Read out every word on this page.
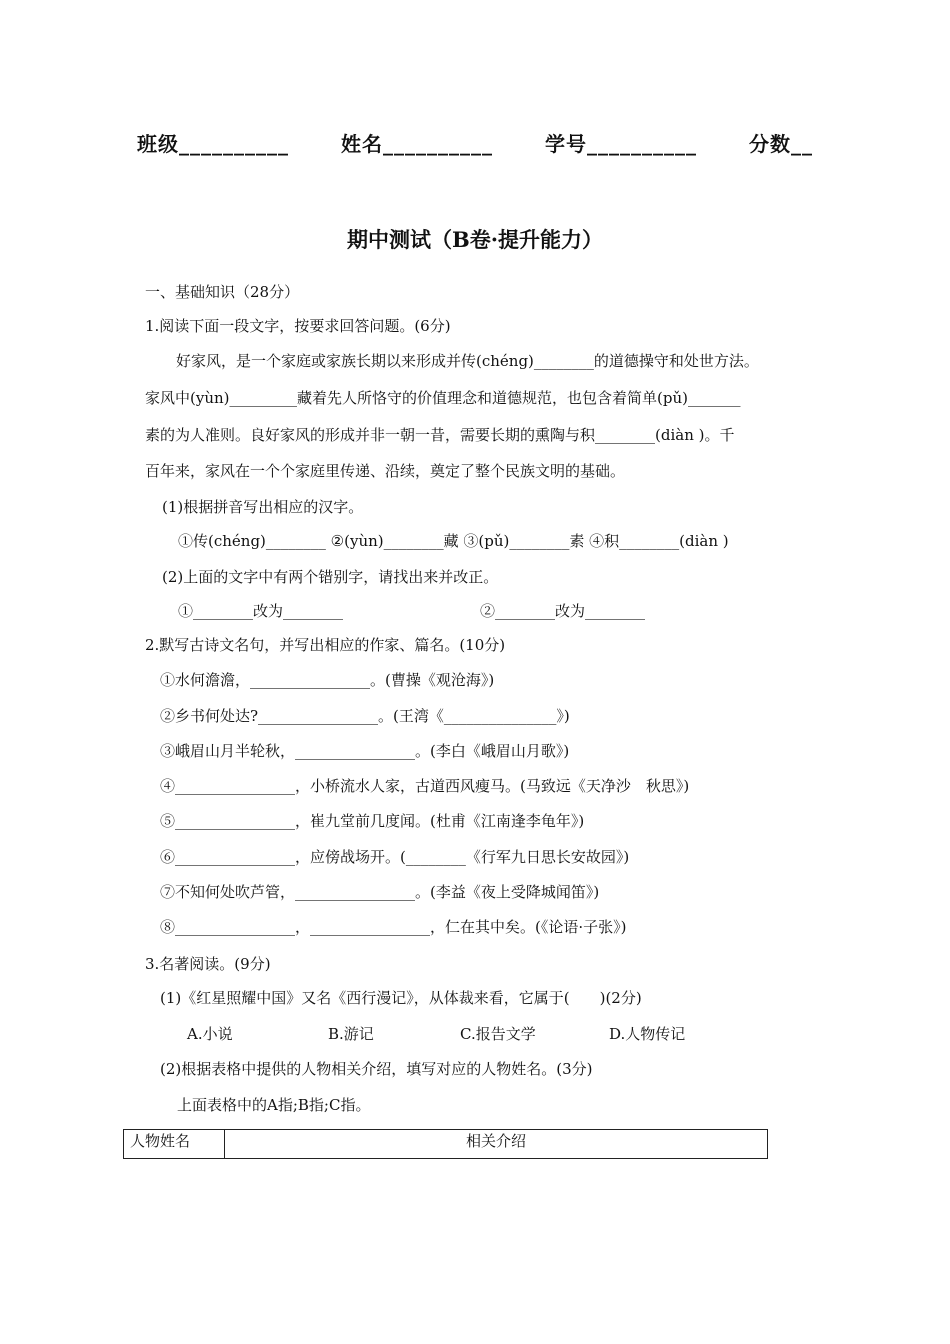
班级__________	姓名__________	学号__________	分数__
期中测试（B卷·提升能力）
一、基础知识（28分）
1.阅读下面一段文字，按要求回答问题。(6分)
好家风，是一个家庭或家族长期以来形成并传(chéng)________的道德操守和处世方法。
家风中(yùn)_________藏着先人所恪守的价值理念和道德规范，也包含着简单(pǔ)_______
素的为人准则。良好家风的形成并非一朝一昔，需要长期的熏陶与积________(diàn )。千
百年来，家风在一个个家庭里传递、沿续，奠定了整个民族文明的基础。
(1)根据拼音写出相应的汉字。
①传(chéng)________ ②(yùn)________藏 ③(pǔ)________素 ④积________(diàn )
(2)上面的文字中有两个错别字，请找出来并改正。
①________改为________	②________改为________
2.默写古诗文名句，并写出相应的作家、篇名。(10分)
①水何澹澹，________________。(曹操《观沧海》)
②乡书何处达?________________。(王湾《_______________》)
③峨眉山月半轮秋，________________。(李白《峨眉山月歌》)
④________________，小桥流水人家，古道西风瘦马。(马致远《天净沙　秋思》)
⑤________________，崔九堂前几度闻。(杜甫《江南逢李龟年》)
⑥________________，应傍战场开。(________《行军九日思长安故园》)
⑦不知何处吹芦管，________________。(李益《夜上受降城闻笛》)
⑧________________，________________，仁在其中矣。(《论语·子张》)
3.名著阅读。(9分)
(1)《红星照耀中国》又名《西行漫记》，从体裁来看，它属于(　　)(2分)
A.小说	B.游记	C.报告文学	D.人物传记
(2)根据表格中提供的人物相关介绍，填写对应的人物姓名。(3分)
上面表格中的A指;B指;C指。
人物姓名	相关介绍
